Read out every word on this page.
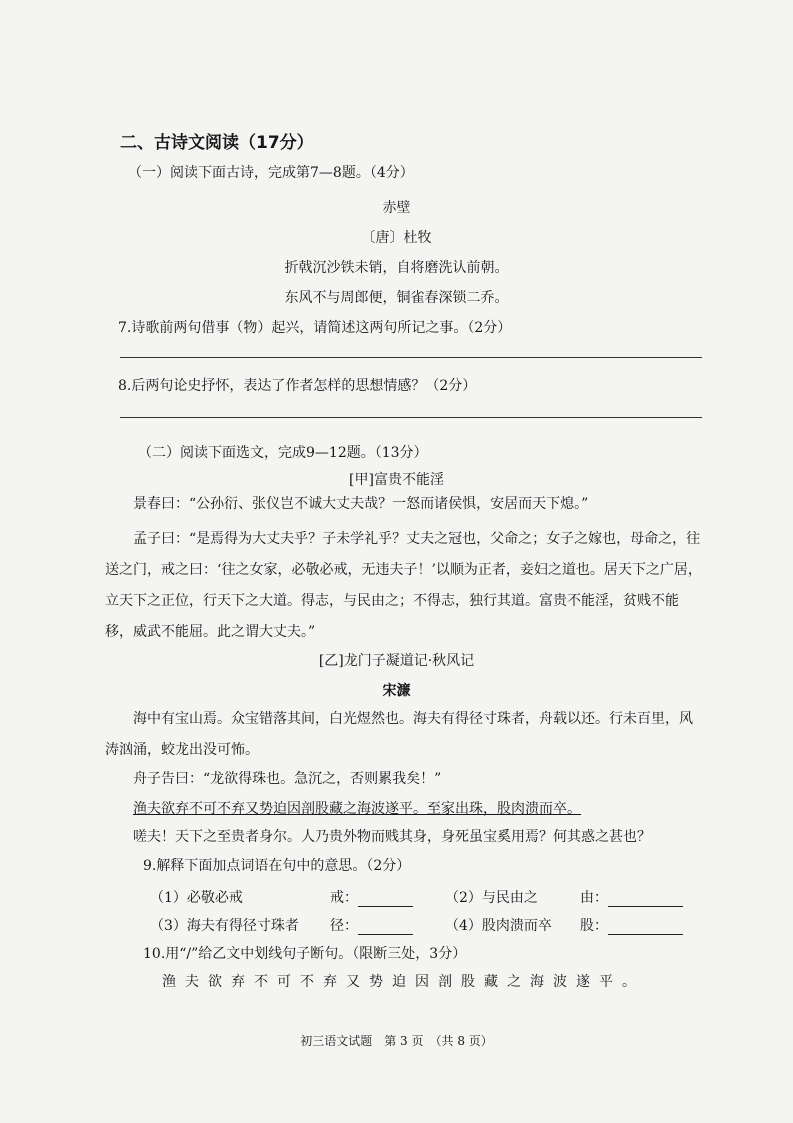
二、古诗文阅读（17分）
（一）阅读下面古诗，完成第7—8题。（4分）
赤壁
〔唐〕杜牧
折戟沉沙铁未销，自将磨洗认前朝。
东风不与周郎便，铜雀春深锁二乔。
7.诗歌前两句借事（物）起兴，请简述这两句所记之事。（2分）
8.后两句论史抒怀，表达了作者怎样的思想情感？（2分）
（二）阅读下面选文，完成9—12题。（13分）
[甲]富贵不能淫
景春曰：“公孙衍、张仪岂不诚大丈夫哉？一怒而诸侯惧，安居而天下熄。”
孟子曰：“是焉得为大丈夫乎？子未学礼乎？丈夫之冠也，父命之；女子之嫁也，母命之，往送之门，戒之曰：‘往之女家，必敬必戒，无违夫子！’以顺为正者，妾妇之道也。居天下之广居，立天下之正位，行天下之大道。得志，与民由之；不得志，独行其道。富贵不能淫，贫贱不能移，威武不能屈。此之谓大丈夫。”
[乙]龙门子凝道记·秋风记
宋濂
海中有宝山焉。众宝错落其间，白光煜然也。海夫有得径寸珠者，舟载以还。行未百里，风涛汹涌，蛟龙出没可怖。
舟子告曰：“龙欲得珠也。急沉之，否则累我矣！”
渔夫欲弃不可不弃又势迫因剖股藏之海波遂平。至家出珠，股肉溃而卒。
嗟夫！天下之至贵者身尔。人乃贵外物而贱其身，身死虽宝奚用焉？何其惑之甚也？
9.解释下面加点词语在句中的意思。（2分）
（1）必敬必戒	戒：	（2）与民由之	由：
（3）海夫有得径寸珠者 径：	（4）股肉溃而卒 股：
10.用“/”给乙文中划线句子断句。（限断三处，3分）
渔夫欲弃不可不弃又势迫因剖股藏之海波遂平。
初三语文试题　第 3 页　（共 8 页）
